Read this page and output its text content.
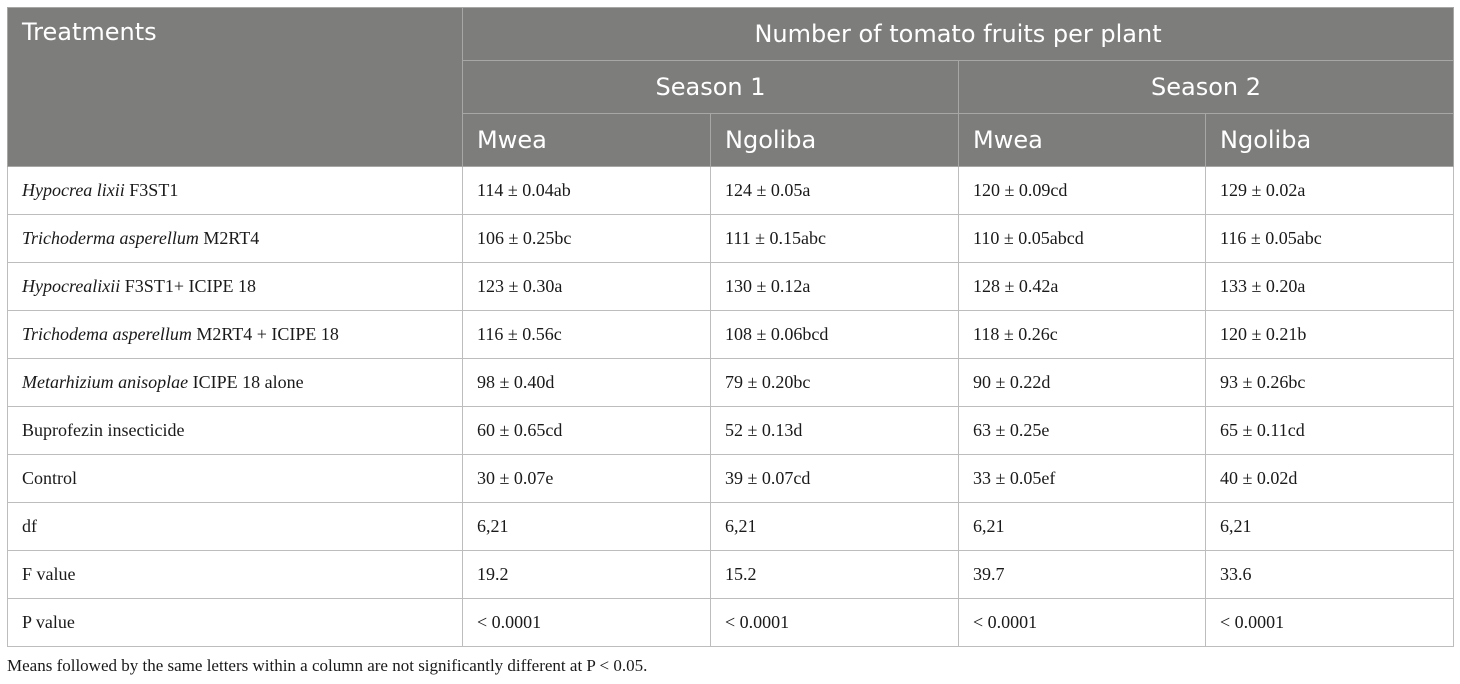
Treatments	Number of tomato fruits per plant			
	Season 1		Season 2	
	Mwea	Ngoliba	Mwea	Ngoliba
Hypocrea lixii F3ST1	114 ± 0.04ab	124 ± 0.05a	120 ± 0.09cd	129 ± 0.02a
Trichoderma asperellum M2RT4	106 ± 0.25bc	111 ± 0.15abc	110 ± 0.05abcd	116 ± 0.05abc
Hypocrealixii F3ST1+ ICIPE 18	123 ± 0.30a	130 ± 0.12a	128 ± 0.42a	133 ± 0.20a
Trichodema asperellum M2RT4 + ICIPE 18	116 ± 0.56c	108 ± 0.06bcd	118 ± 0.26c	120 ± 0.21b
Metarhizium anisoplae ICIPE 18 alone	98 ± 0.40d	79 ± 0.20bc	90 ± 0.22d	93 ± 0.26bc
Buprofezin insecticide	60 ± 0.65cd	52 ± 0.13d	63 ± 0.25e	65 ± 0.11cd
Control	30 ± 0.07e	39 ± 0.07cd	33 ± 0.05ef	40 ± 0.02d
df	6,21	6,21	6,21	6,21
F value	19.2	15.2	39.7	33.6
P value	< 0.0001	< 0.0001	< 0.0001	< 0.0001
Means followed by the same letters within a column are not significantly different at P < 0.05.
